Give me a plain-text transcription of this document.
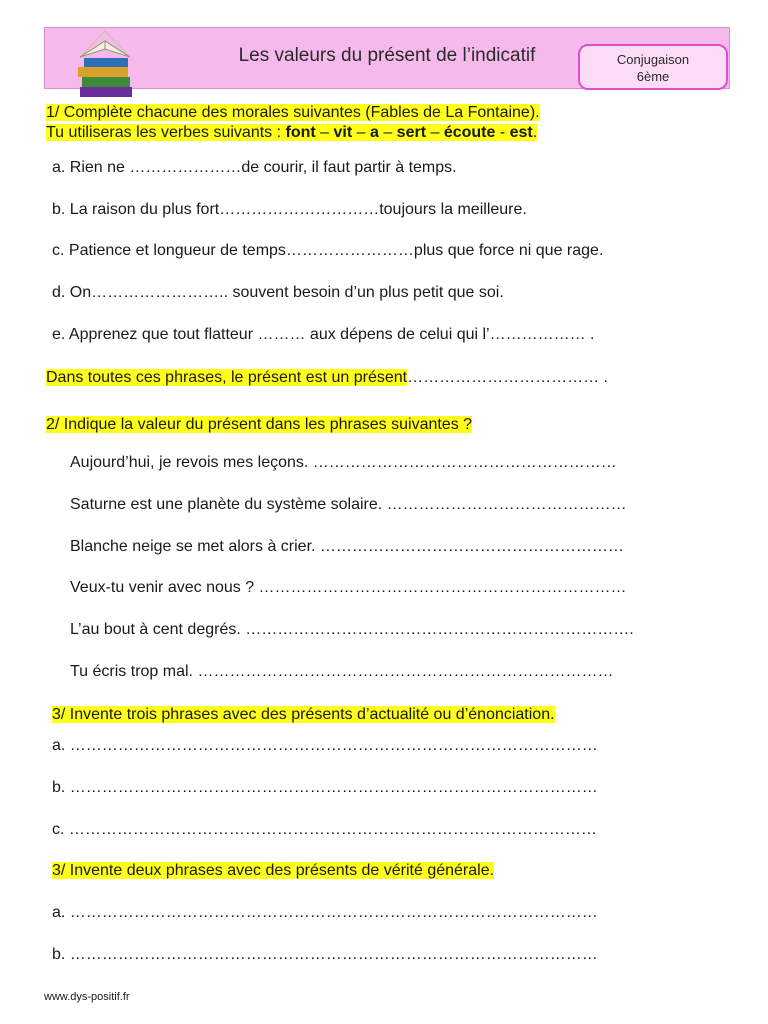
Les valeurs du présent de l’indicatif	Conjugaison
6ème
1/ Complète chacune des morales suivantes (Fables de La Fontaine).
Tu utiliseras les verbes suivants : font – vit – a – sert – écoute - est.
a. Rien ne …………………de courir, il faut partir à temps.
b. La raison du plus fort…………………………toujours la meilleure.
c. Patience et longueur de temps……………………plus que force ni que rage.
d. On…………………….. souvent besoin d’un plus petit que soi.
e. Apprenez que tout flatteur ……… aux dépens de celui qui l’……………… .
Dans toutes ces phrases, le présent est un présent……………………………… .
2/ Indique la valeur du présent dans les phrases suivantes ?
Aujourd’hui, je revois mes leçons. …………………………………………………
Saturne est une planète du système solaire. ………………………………………
Blanche neige se met alors à crier. …………………………………………………
Veux-tu venir avec nous ? ……………………………………………………………
L’au bout à cent degrés. ……………………………………………………………….
Tu écris trop mal. ……………………………………………………………………
3/ Invente trois phrases avec des présents d’actualité ou d’énonciation.
a. ………………………………………………………………………………………
b. ………………………………………………………………………………………
c. ………………………………………………………………………………………
3/ Invente deux phrases avec des présents de vérité générale.
a. ………………………………………………………………………………………
b. ………………………………………………………………………………………
www.dys-positif.fr
